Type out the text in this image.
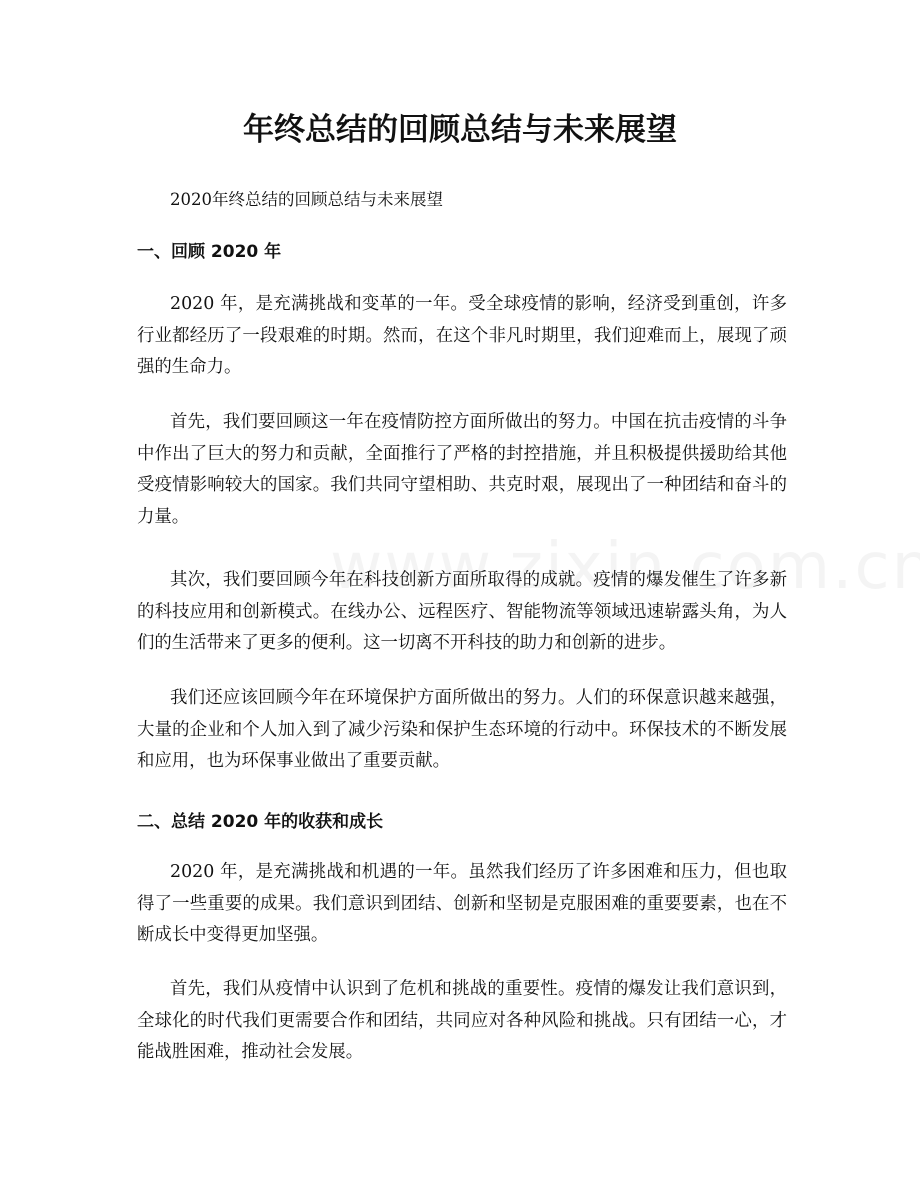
年终总结的回顾总结与未来展望

2020年终总结的回顾总结与未来展望

一、回顾 2020 年

2020 年，是充满挑战和变革的一年。受全球疫情的影响，经济受到重创，许多行业都经历了一段艰难的时期。然而，在这个非凡时期里，我们迎难而上，展现了顽强的生命力。

首先，我们要回顾这一年在疫情防控方面所做出的努力。中国在抗击疫情的斗争中作出了巨大的努力和贡献，全面推行了严格的封控措施，并且积极提供援助给其他受疫情影响较大的国家。我们共同守望相助、共克时艰，展现出了一种团结和奋斗的力量。

其次，我们要回顾今年在科技创新方面所取得的成就。疫情的爆发催生了许多新的科技应用和创新模式。在线办公、远程医疗、智能物流等领域迅速崭露头角，为人们的生活带来了更多的便利。这一切离不开科技的助力和创新的进步。

我们还应该回顾今年在环境保护方面所做出的努力。人们的环保意识越来越强，大量的企业和个人加入到了减少污染和保护生态环境的行动中。环保技术的不断发展和应用，也为环保事业做出了重要贡献。

二、总结 2020 年的收获和成长

2020 年，是充满挑战和机遇的一年。虽然我们经历了许多困难和压力，但也取得了一些重要的成果。我们意识到团结、创新和坚韧是克服困难的重要要素，也在不断成长中变得更加坚强。

首先，我们从疫情中认识到了危机和挑战的重要性。疫情的爆发让我们意识到，全球化的时代我们更需要合作和团结，共同应对各种风险和挑战。只有团结一心，才能战胜困难，推动社会发展。
